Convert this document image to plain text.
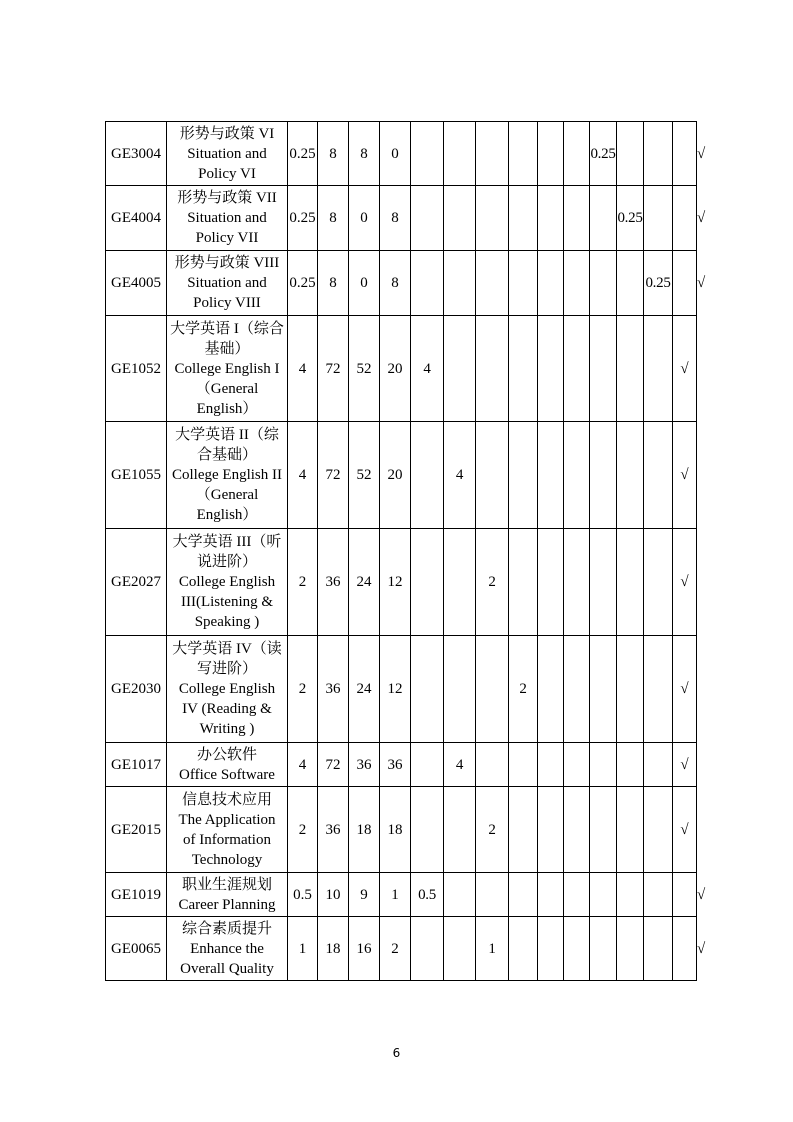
GE3004	形势与政策 VI
Situation and
Policy VI	0.25	8	8	0							0.25				√
GE4004	形势与政策 VII
Situation and
Policy VII	0.25	8	0	8								0.25			√
GE4005	形势与政策 VIII
Situation and
Policy VIII	0.25	8	0	8									0.25		√
GE1052	大学英语 I（综合
基础）
College English I
（General
English）	4	72	52	20	4									√	
GE1055	大学英语 II（综
合基础）
College English II
（General
English）	4	72	52	20		4								√	
GE2027	大学英语 III（听
说进阶）
College English
III(Listening &
Speaking )	2	36	24	12			2							√	
GE2030	大学英语 IV（读
写进阶）
College English
IV (Reading &
Writing )	2	36	24	12				2						√	
GE1017	办公软件
Office Software	4	72	36	36		4								√	
GE2015	信息技术应用
The Application
of Information
Technology	2	36	18	18			2							√	
GE1019	职业生涯规划
Career Planning	0.5	10	9	1	0.5										√
GE0065	综合素质提升
Enhance the
Overall Quality	1	18	16	2			1								√
6
